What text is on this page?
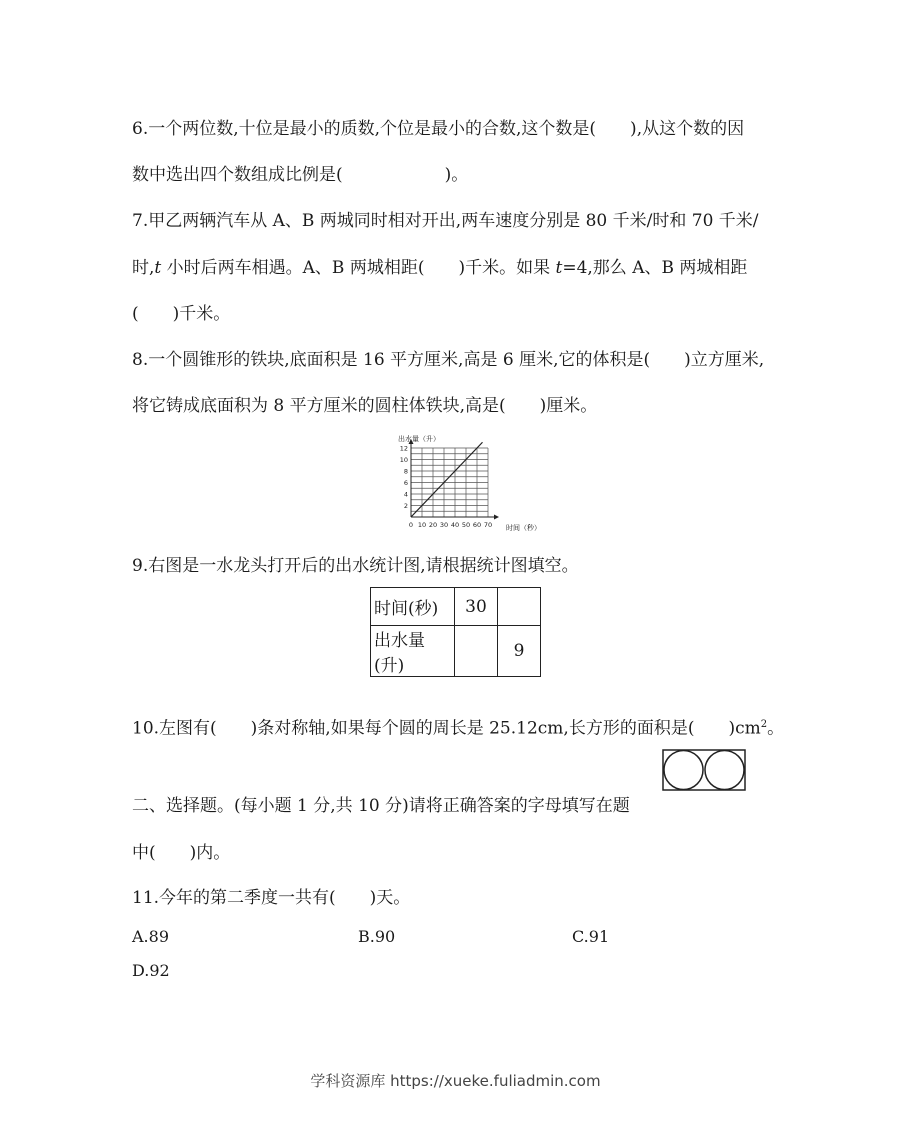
6.一个两位数,十位是最小的质数,个位是最小的合数,这个数是(　　),从这个数的因
数中选出四个数组成比例是(　　　　　　)。
7.甲乙两辆汽车从 A、B 两城同时相对开出,两车速度分别是 80 千米/时和 70 千米/
时,t 小时后两车相遇。A、B 两城相距(　　)千米。如果 t=4,那么 A、B 两城相距
(　　)千米。
8.一个圆锥形的铁块,底面积是 16 平方厘米,高是 6 厘米,它的体积是(　　)立方厘米,
将它铸成底面积为 8 平方厘米的圆柱体铁块,高是(　　)厘米。
出水量（升）
时间（秒）
0 10 20 30 40 50 60 70
2
4
6
8
10
12
9.右图是一水龙头打开后的出水统计图,请根据统计图填空。
时间(秒)	30	
出水量(升)		9
10.左图有(　　)条对称轴,如果每个圆的周长是 25.12cm,长方形的面积是(　　)$cm^2$。
二、选择题。(每小题 1 分,共 10 分)请将正确答案的字母填写在题
中(　　)内。
11.今年的第二季度一共有(　　)天。
A.89	B.90	C.91
D.92
学科资源库 https://xueke.fuliadmin.com
